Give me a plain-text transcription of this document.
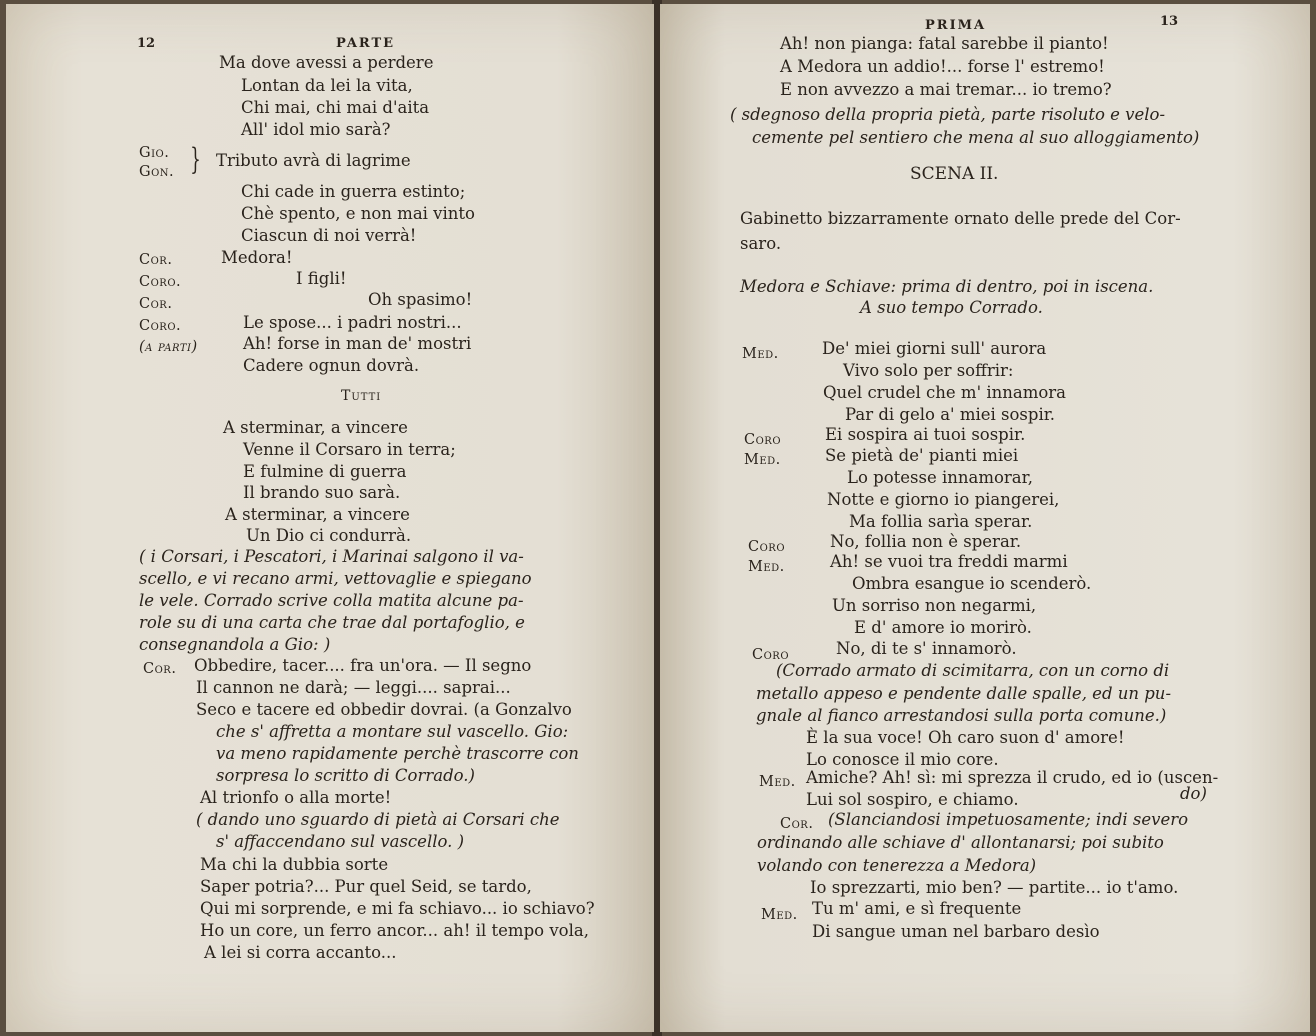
12	PARTE
Ma dove avessi a perdere
Lontan da lei la vita,
Chi mai, chi mai d'aita
All' idol mio sarà?
Gio.
Gon. } Tributo avrà di lagrime
Chi cade in guerra estinto;
Chè spento, e non mai vinto
Ciascun di noi verrà!
Cor.	Medora!
Coro.	I figli!
Cor.	Oh spasimo!
Coro.	Le spose... i padri nostri...
(a parti)	Ah! forse in man de' mostri
Cadere ognun dovrà.
Tutti
A sterminar, a vincere
Venne il Corsaro in terra;
E fulmine di guerra
Il brando suo sarà.
A sterminar, a vincere
Un Dio ci condurrà.
( i Corsari, i Pescatori, i Marinai salgono il va-
scello, e vi recano armi, vettovaglie e spiegano
le vele. Corrado scrive colla matita alcune pa-
role su di una carta che trae dal portafoglio, e
consegnandola a Gio: )
Cor. Obbedire, tacer.... fra un'ora. — Il segno
Il cannon ne darà; — leggi.... saprai...
Seco e tacere ed obbedir dovrai. (a Gonzalvo
che s' affretta a montare sul vascello. Gio:
va meno rapidamente perchè trascorre con
sorpresa lo scritto di Corrado.)
Al trionfo o alla morte!
( dando uno sguardo di pietà ai Corsari che
s' affaccendano sul vascello. )
Ma chi la dubbia sorte
Saper potria?... Pur quel Seid, se tardo,
Qui mi sorprende, e mi fa schiavo... io schiavo?
Ho un core, un ferro ancor... ah! il tempo vola,
A lei si corra accanto...
PRIMA	13
Ah! non pianga: fatal sarebbe il pianto!
A Medora un addio!... forse l' estremo!
E non avvezzo a mai tremar... io tremo?
( sdegnoso della propria pietà, parte risoluto e velo-
cemente pel sentiero che mena al suo alloggiamento)
SCENA II.
Gabinetto bizzarramente ornato delle prede del Cor-
saro.
Medora e Schiave: prima di dentro, poi in iscena.
A suo tempo Corrado.
Med.	De' miei giorni sull' aurora
Vivo solo per soffrir:
Quel crudel che m' innamora
Par di gelo a' miei sospir.
Coro	Ei sospira ai tuoi sospir.
Med.	Se pietà de' pianti miei
Lo potesse innamorar,
Notte e giorno io piangerei,
Ma follia sarìa sperar.
Coro	No, follia non è sperar.
Med.	Ah! se vuoi tra freddi marmi
Ombra esangue io scenderò.
Un sorriso non negarmi,
E d' amore io morirò.
Coro	No, di te s' innamorò.
(Corrado armato di scimitarra, con un corno di
metallo appeso e pendente dalle spalle, ed un pu-
gnale al fianco arrestandosi sulla porta comune.)
È la sua voce! Oh caro suon d' amore!
Lo conosce il mio core.
Med. Amiche? Ah! sì: mi sprezza il crudo, ed io (uscen-
do)
Lui sol sospiro, e chiamo.
Cor. (Slanciandosi impetuosamente; indi severo
ordinando alle schiave d' allontanarsi; poi subito
volando con tenerezza a Medora)
Io sprezzarti, mio ben? — partite... io t'amo.
Med. Tu m' ami, e sì frequente
Di sangue uman nel barbaro desìo
